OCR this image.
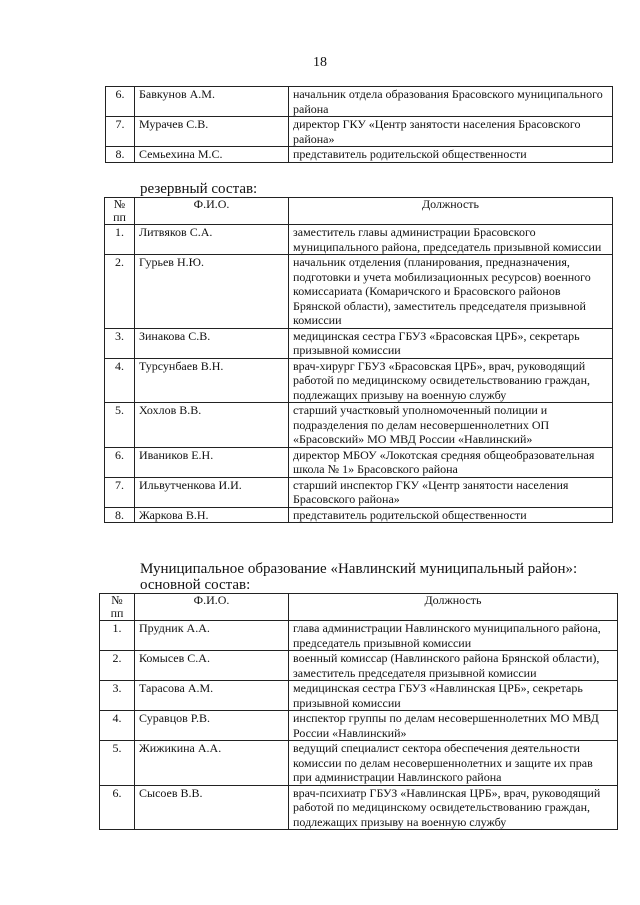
18
6.	Бавкунов А.М.	начальник отдела образования Брасовского муниципального района
7.	Мурачев С.В.	директор ГКУ «Центр занятости населения Брасовского района»
8.	Семьехина М.С.	представитель родительской общественности
резервный состав:
№ пп	Ф.И.О.	Должность
1.	Литвяков С.А.	заместитель главы администрации Брасовского муниципального района, председатель призывной комиссии
2.	Гурьев Н.Ю.	начальник отделения (планирования, предназначения, подготовки и учета мобилизационных ресурсов) военного комиссариата (Комаричского и Брасовского районов Брянской области), заместитель председателя призывной комиссии
3.	Зинакова С.В.	медицинская сестра ГБУЗ «Брасовская ЦРБ», секретарь призывной комиссии
4.	Турсунбаев В.Н.	врач-хирург ГБУЗ «Брасовская ЦРБ», врач, руководящий работой по медицинскому освидетельствованию граждан, подлежащих призыву на военную службу
5.	Хохлов В.В.	старший участковый уполномоченный полиции и подразделения по делам несовершеннолетних ОП «Брасовский» МО МВД России «Навлинский»
6.	Иваников Е.Н.	директор МБОУ «Локотская средняя общеобразовательная школа № 1» Брасовского района
7.	Ильвутченкова И.И.	старший инспектор ГКУ «Центр занятости населения Брасовского района»
8.	Жаркова В.Н.	представитель родительской общественности
Муниципальное образование «Навлинский муниципальный район»:
основной состав:
№ пп	Ф.И.О.	Должность
1.	Прудник А.А.	глава администрации Навлинского муниципального района, председатель призывной комиссии
2.	Комысев С.А.	военный комиссар (Навлинского района Брянской области), заместитель председателя призывной комиссии
3.	Тарасова А.М.	медицинская сестра ГБУЗ «Навлинская ЦРБ», секретарь призывной комиссии
4.	Суравцов Р.В.	инспектор группы по делам несовершеннолетних МО МВД России «Навлинский»
5.	Жижикина А.А.	ведущий специалист сектора обеспечения деятельности комиссии по делам несовершеннолетних и защите их прав при администрации Навлинского района
6.	Сысоев В.В.	врач-психиатр ГБУЗ «Навлинская ЦРБ», врач, руководящий работой по медицинскому освидетельствованию граждан, подлежащих призыву на военную службу
